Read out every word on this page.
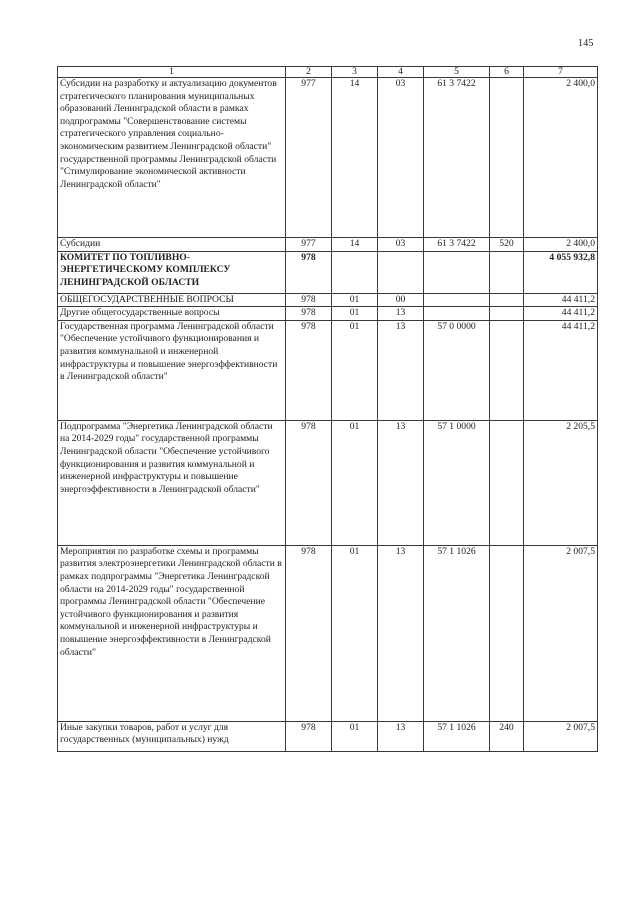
145
1	2	3	4	5	6	7
Субсидии на разработку и актуализацию документов стратегического планирования муниципальных образований Ленинградской области в рамках подпрограммы "Совершенствование системы стратегического управления социально-экономическим развитием Ленинградской области" государственной программы Ленинградской области "Стимулирование экономической активности Ленинградской области"	977	14	03	61 3 7422		2 400,0
Субсидии	977	14	03	61 3 7422	520	2 400,0
КОМИТЕТ ПО ТОПЛИВНО-ЭНЕРГЕТИЧЕСКОМУ КОМПЛЕКСУ ЛЕНИНГРАДСКОЙ ОБЛАСТИ	978					4 055 932,8
ОБЩЕГОСУДАРСТВЕННЫЕ ВОПРОСЫ	978	01	00			44 411,2
Другие общегосударственные вопросы	978	01	13			44 411,2
Государственная программа Ленинградской области "Обеспечение устойчивого функционирования и развития коммунальной и инженерной инфраструктуры и повышение энергоэффективности в Ленинградской области"	978	01	13	57 0 0000		44 411,2
Подпрограмма "Энергетика Ленинградской области на 2014-2029 годы" государственной программы Ленинградской области "Обеспечение устойчивого функционирования и развития коммунальной и инженерной инфраструктуры и повышение энергоэффективности в Ленинградской области"	978	01	13	57 1 0000		2 205,5
Мероприятия по разработке схемы и программы развития электроэнергетики Ленинградской области в рамках подпрограммы "Энергетика Ленинградской области на 2014-2029 годы" государственной программы Ленинградской области "Обеспечение устойчивого функционирования и развития коммунальной и инженерной инфраструктуры и повышение энергоэффективности в Ленинградской области"	978	01	13	57 1 1026		2 007,5
Иные закупки товаров, работ и услуг для государственных (муниципальных) нужд	978	01	13	57 1 1026	240	2 007,5
